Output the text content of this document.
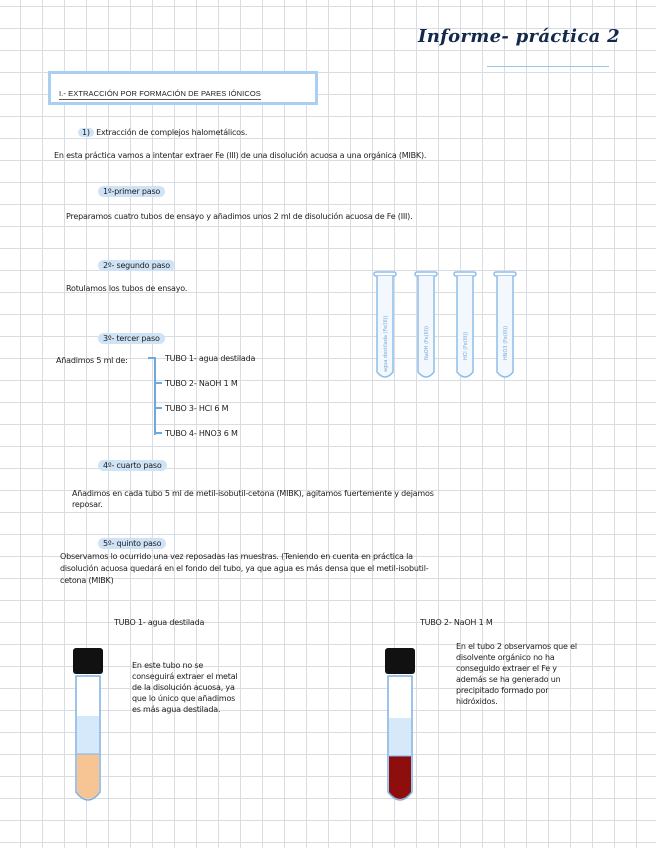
Informe- práctica 2
I.- EXTRACCIÓN POR FORMACIÓN DE PARES IÓNICOS
1) Extracción de complejos halometálicos.
En esta práctica vamos a intentar extraer Fe (III) de una disolución acuosa a una orgánica (MIBK).
1º-primer paso
Preparamos cuatro tubos de ensayo y añadimos unos 2 ml de disolución acuosa de Fe (III).
2º- segundo paso
Rotulamos los tubos de ensayo.
3º- tercer paso
Añadimos 5 ml de:	TUBO 1- agua destilada
TUBO 2- NaOH 1 M
TUBO 3- HCl 6 M
TUBO 4- HNO3 6 M
agua destilada (Fe(III))	NaOH (Fe(III))	HCl (Fe(III))	HNO3 (Fe(III))
4º- cuarto paso
Añadimos en cada tubo 5 ml de metil-isobutil-cetona (MIBK), agitamos fuertemente y dejamos
reposar.
5º- quinto paso
Observamos lo ocurrido una vez reposadas las muestras. (Teniendo en cuenta en práctica la
disolución acuosa quedará en el fondo del tubo, ya que agua es más densa que el metil-isobutil-
cetona (MIBK)
TUBO 1- agua destilada
En este tubo no se
conseguirá extraer el metal
de la disolución acuosa, ya
que lo único que añadimos
es más agua destilada.
TUBO 2- NaOH 1 M
En el tubo 2 observamos que el
disolvente orgánico no ha
conseguido extraer el Fe y
además se ha generado un
precipitado formado por
hidróxidos.
